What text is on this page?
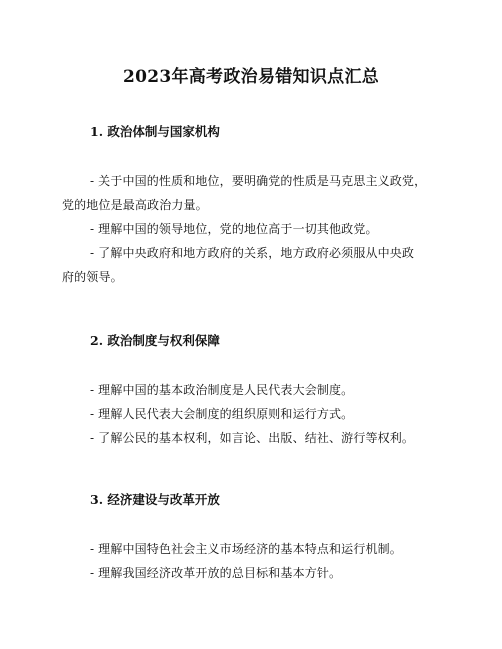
2023年高考政治易错知识点汇总
1. 政治体制与国家机构
- 关于中国的性质和地位，要明确党的性质是马克思主义政党，
党的地位是最高政治力量。
- 理解中国的领导地位，党的地位高于一切其他政党。
- 了解中央政府和地方政府的关系，地方政府必须服从中央政
府的领导。
2. 政治制度与权利保障
- 理解中国的基本政治制度是人民代表大会制度。
- 理解人民代表大会制度的组织原则和运行方式。
- 了解公民的基本权利，如言论、出版、结社、游行等权利。
3. 经济建设与改革开放
- 理解中国特色社会主义市场经济的基本特点和运行机制。
- 理解我国经济改革开放的总目标和基本方针。
